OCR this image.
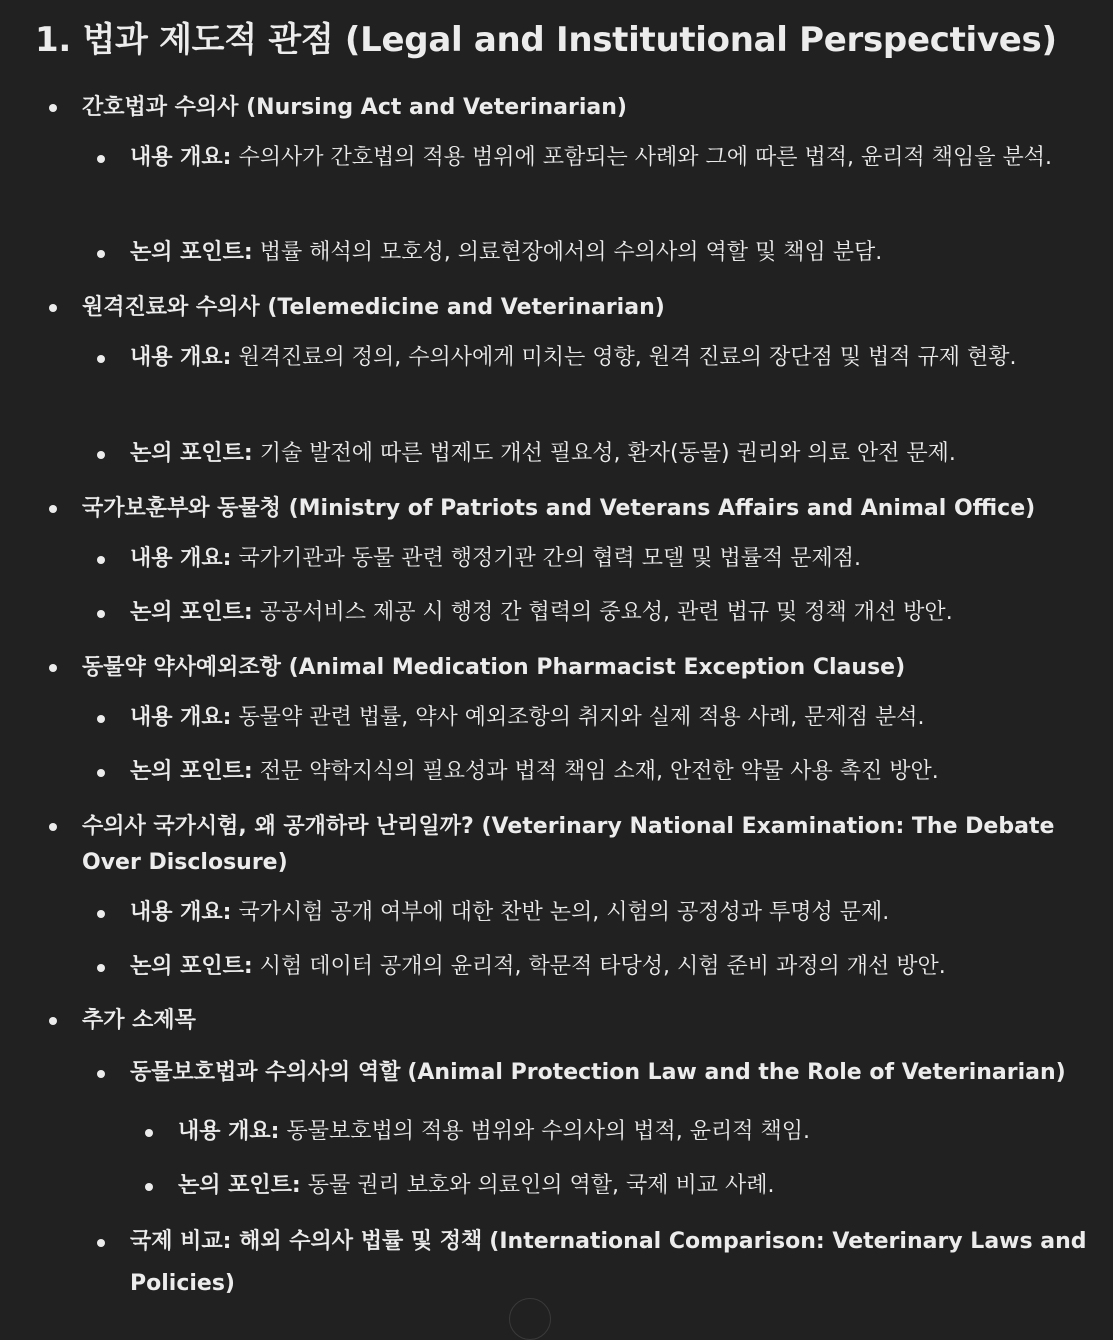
1. 법과 제도적 관점 (Legal and Institutional Perspectives)
간호법과 수의사 (Nursing Act and Veterinarian)
내용 개요: 수의사가 간호법의 적용 범위에 포함되는 사례와 그에 따른 법적, 윤리적 책임을 분석.
논의 포인트: 법률 해석의 모호성, 의료현장에서의 수의사의 역할 및 책임 분담.
원격진료와 수의사 (Telemedicine and Veterinarian)
내용 개요: 원격진료의 정의, 수의사에게 미치는 영향, 원격 진료의 장단점 및 법적 규제 현황.
논의 포인트: 기술 발전에 따른 법제도 개선 필요성, 환자(동물) 권리와 의료 안전 문제.
국가보훈부와 동물청 (Ministry of Patriots and Veterans Affairs and Animal Office)
내용 개요: 국가기관과 동물 관련 행정기관 간의 협력 모델 및 법률적 문제점.
논의 포인트: 공공서비스 제공 시 행정 간 협력의 중요성, 관련 법규 및 정책 개선 방안.
동물약 약사예외조항 (Animal Medication Pharmacist Exception Clause)
내용 개요: 동물약 관련 법률, 약사 예외조항의 취지와 실제 적용 사례, 문제점 분석.
논의 포인트: 전문 약학지식의 필요성과 법적 책임 소재, 안전한 약물 사용 촉진 방안.
수의사 국가시험, 왜 공개하라 난리일까? (Veterinary National Examination: The Debate Over Disclosure)
내용 개요: 국가시험 공개 여부에 대한 찬반 논의, 시험의 공정성과 투명성 문제.
논의 포인트: 시험 데이터 공개의 윤리적, 학문적 타당성, 시험 준비 과정의 개선 방안.
추가 소제목
동물보호법과 수의사의 역할 (Animal Protection Law and the Role of Veterinarian)
내용 개요: 동물보호법의 적용 범위와 수의사의 법적, 윤리적 책임.
논의 포인트: 동물 권리 보호와 의료인의 역할, 국제 비교 사례.
국제 비교: 해외 수의사 법률 및 정책 (International Comparison: Veterinary Laws and Policies)
